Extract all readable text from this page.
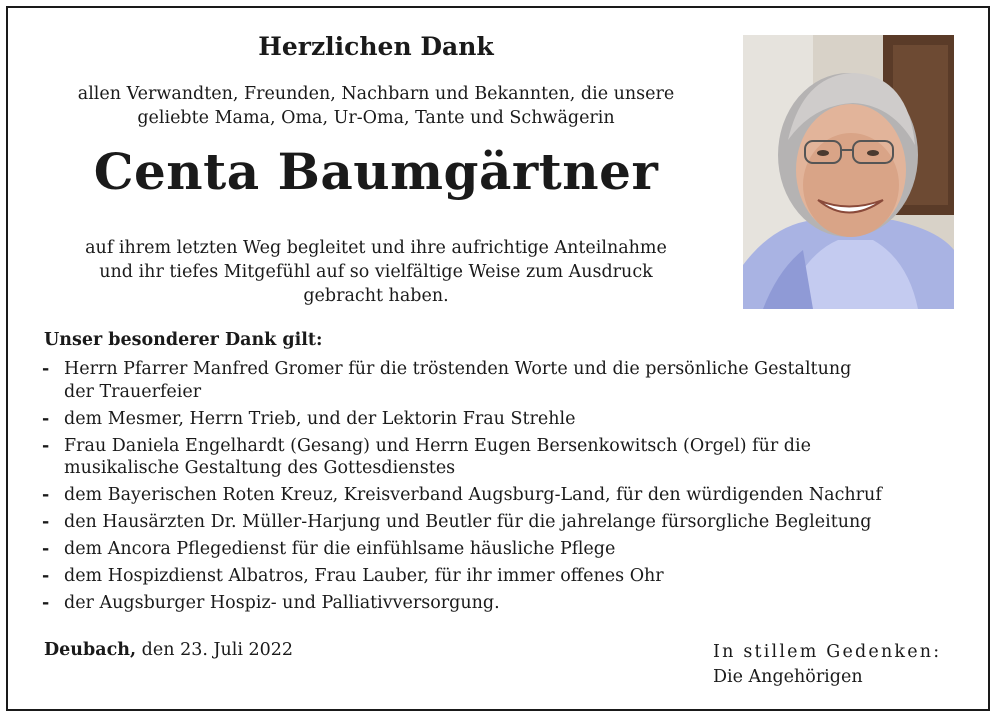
Herzlichen Dank
allen Verwandten, Freunden, Nachbarn und Bekannten, die unsere
geliebte Mama, Oma, Ur-Oma, Tante und Schwägerin
Centa Baumgärtner
auf ihrem letzten Weg begleitet und ihre aufrichtige Anteilnahme
und ihr tiefes Mitgefühl auf so vielfältige Weise zum Ausdruck
gebracht haben.
Unser besonderer Dank gilt:
- Herrn Pfarrer Manfred Gromer für die tröstenden Worte und die persönliche Gestaltung
der Trauerfeier
- dem Mesmer, Herrn Trieb, und der Lektorin Frau Strehle
- Frau Daniela Engelhardt (Gesang) und Herrn Eugen Bersenkowitsch (Orgel) für die
musikalische Gestaltung des Gottesdienstes
- dem Bayerischen Roten Kreuz, Kreisverband Augsburg-Land, für den würdigenden Nachruf
- den Hausärzten Dr. Müller-Harjung und Beutler für die jahrelange fürsorgliche Begleitung
- dem Ancora Pflegedienst für die einfühlsame häusliche Pflege
- dem Hospizdienst Albatros, Frau Lauber, für ihr immer offenes Ohr
- der Augsburger Hospiz- und Palliativversorgung.
Deubach, den 23. Juli 2022	In stillem Gedenken:
Die Angehörigen
